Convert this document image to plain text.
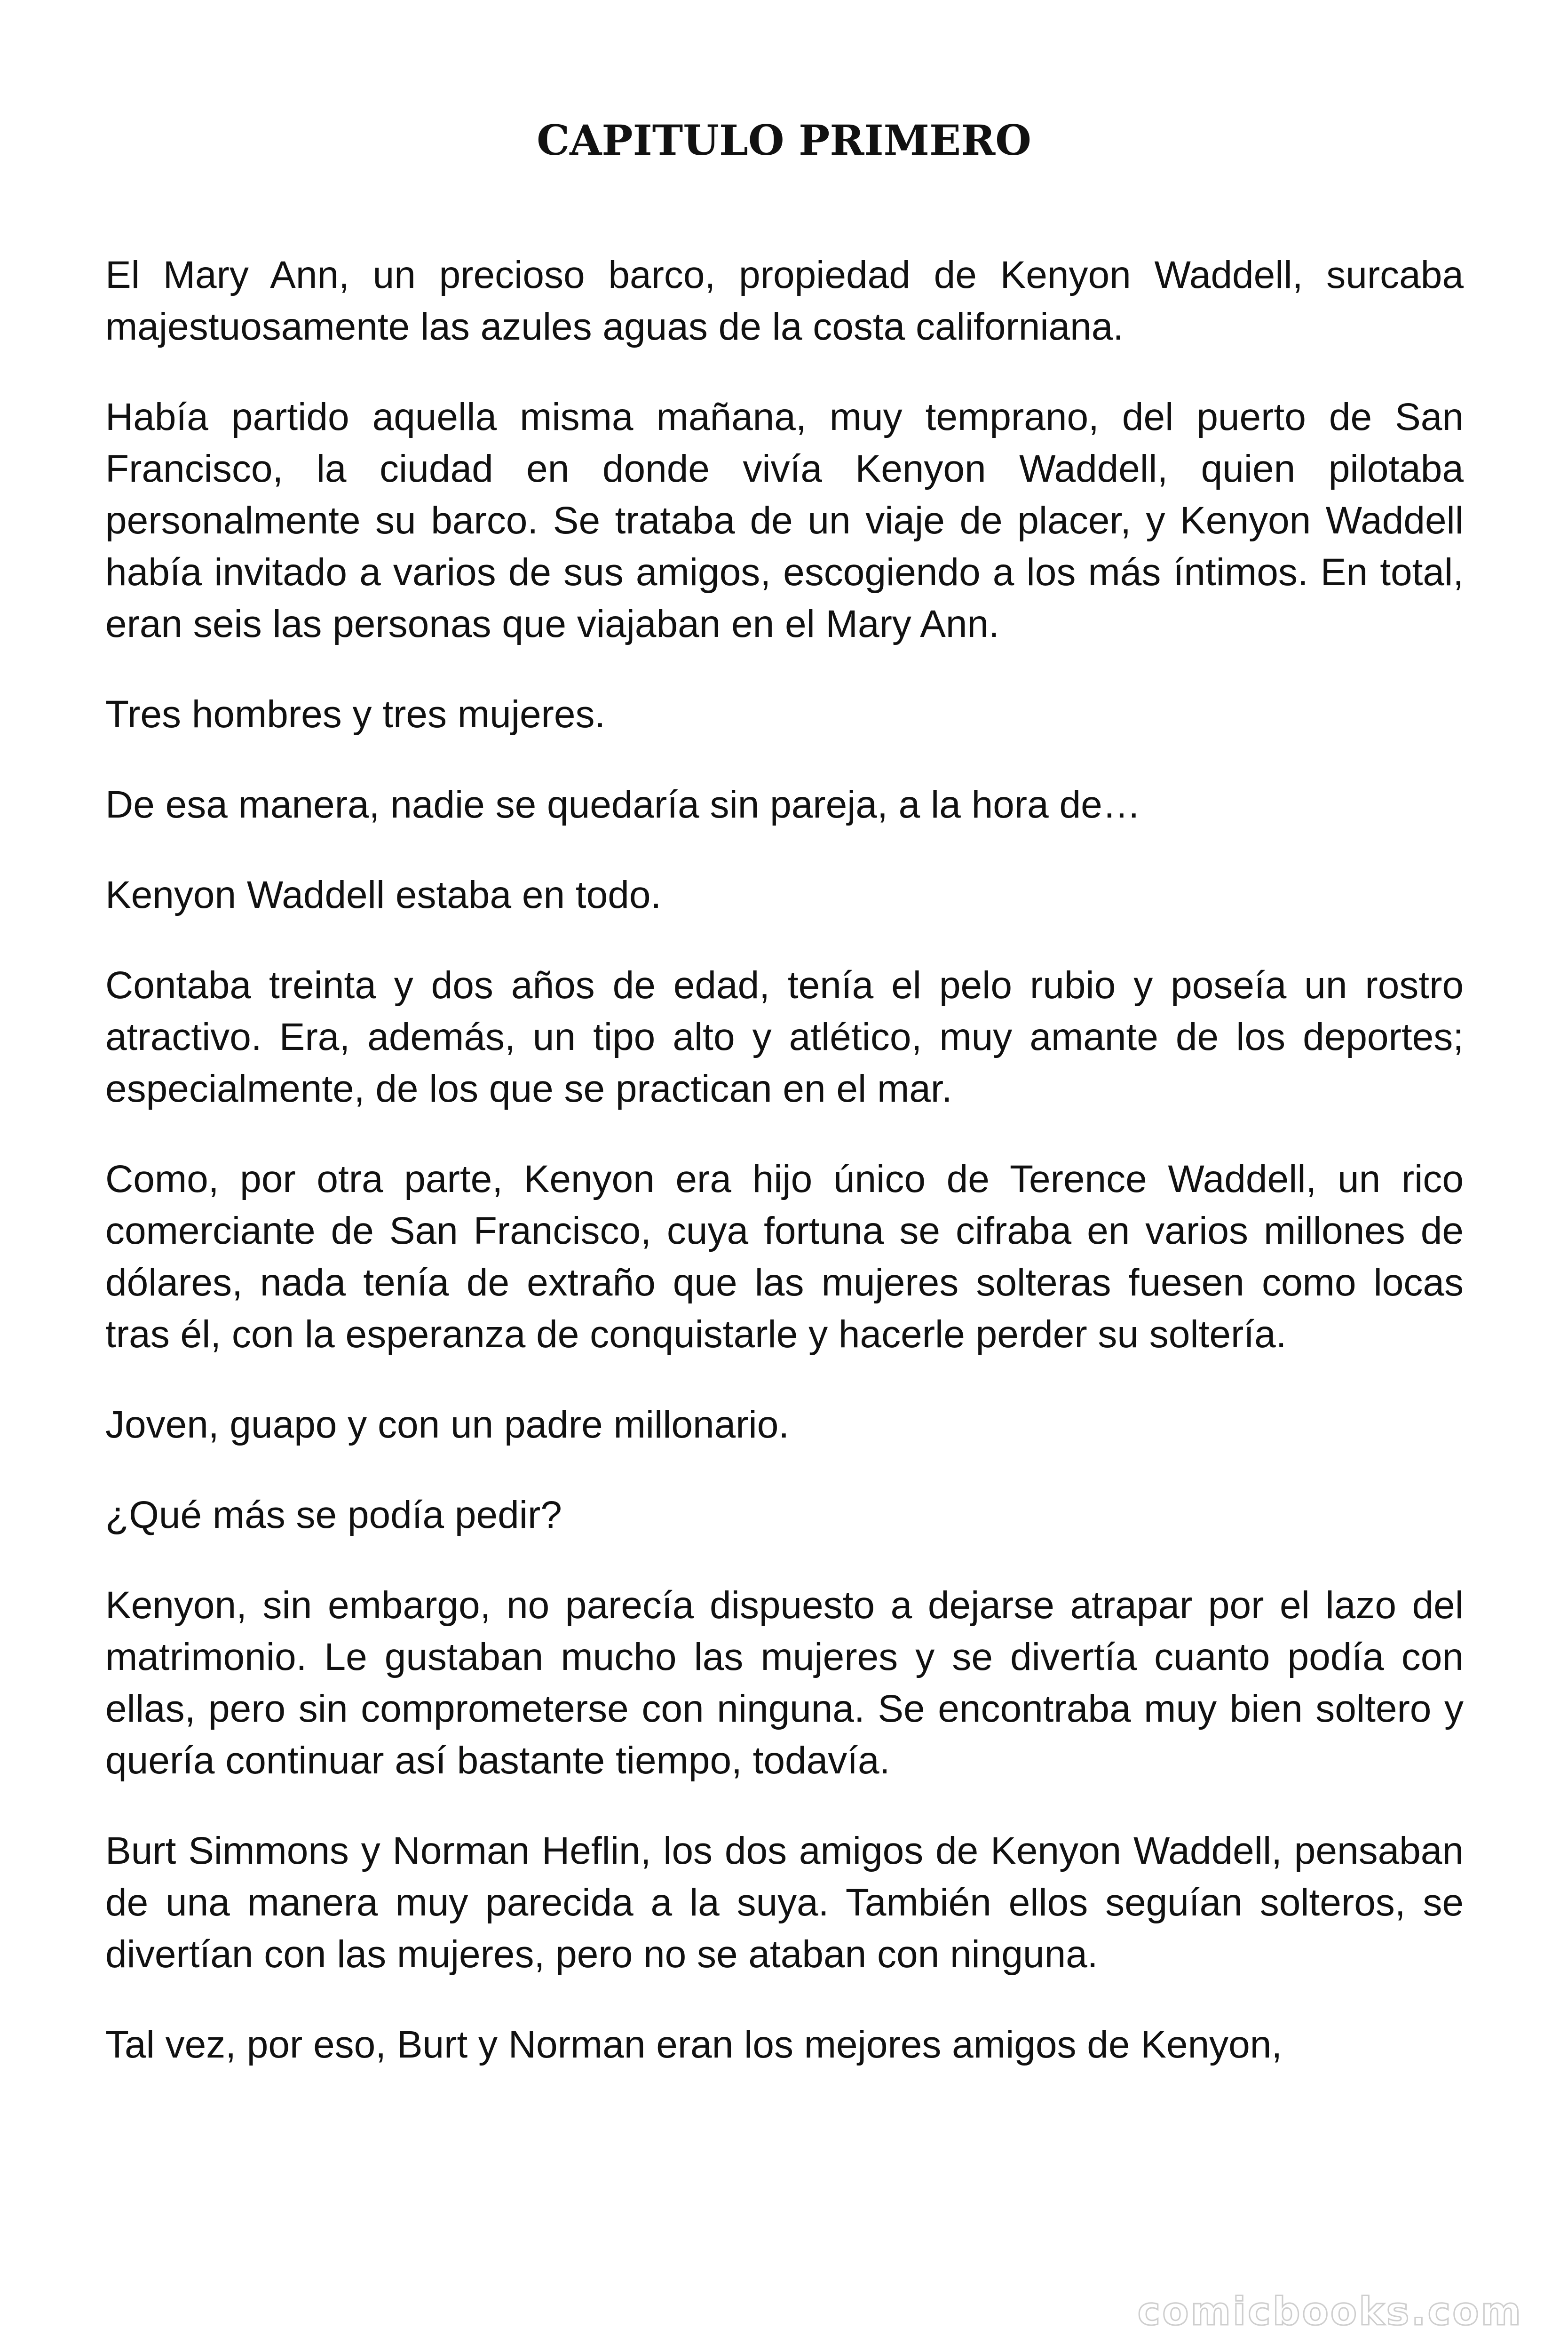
CAPITULO PRIMERO

El Mary Ann, un precioso barco, propiedad de Kenyon Waddell, surcaba majestuosamente las azules aguas de la costa californiana.

Había partido aquella misma mañana, muy temprano, del puerto de San Francisco, la ciudad en donde vivía Kenyon Waddell, quien pilotaba personalmente su barco. Se trataba de un viaje de placer, y Kenyon Waddell había invitado a varios de sus amigos, escogiendo a los más íntimos. En total, eran seis las personas que viajaban en el Mary Ann.

Tres hombres y tres mujeres.

De esa manera, nadie se quedaría sin pareja, a la hora de…

Kenyon Waddell estaba en todo.

Contaba treinta y dos años de edad, tenía el pelo rubio y poseía un rostro atractivo. Era, además, un tipo alto y atlético, muy amante de los deportes; especialmente, de los que se practican en el mar.

Como, por otra parte, Kenyon era hijo único de Terence Waddell, un rico comerciante de San Francisco, cuya fortuna se cifraba en varios millones de dólares, nada tenía de extraño que las mujeres solteras fuesen como locas tras él, con la esperanza de conquistarle y hacerle perder su soltería.

Joven, guapo y con un padre millonario.

¿Qué más se podía pedir?

Kenyon, sin embargo, no parecía dispuesto a dejarse atrapar por el lazo del matrimonio. Le gustaban mucho las mujeres y se divertía cuanto podía con ellas, pero sin comprometerse con ninguna. Se encontraba muy bien soltero y quería continuar así bastante tiempo, todavía.

Burt Simmons y Norman Heflin, los dos amigos de Kenyon Waddell, pensaban de una manera muy parecida a la suya. También ellos seguían solteros, se divertían con las mujeres, pero no se ataban con ninguna.

Tal vez, por eso, Burt y Norman eran los mejores amigos de Kenyon,

comicbooks.com
